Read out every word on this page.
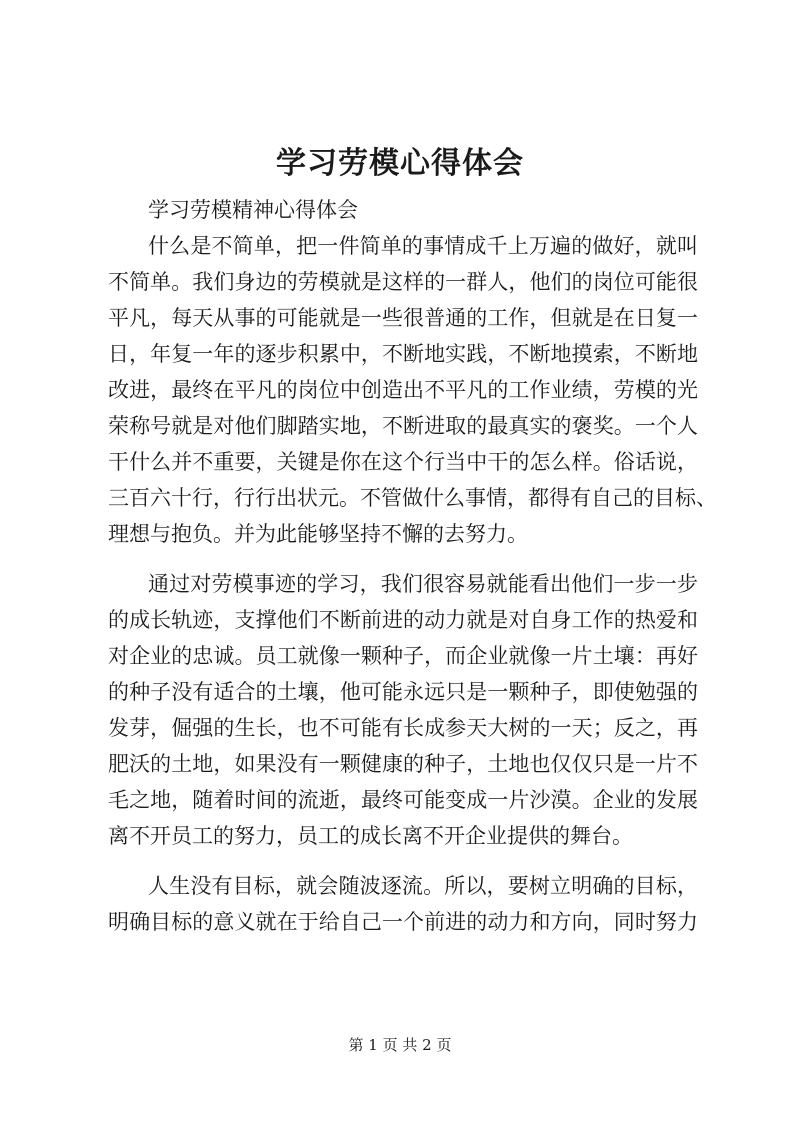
学习劳模心得体会

学习劳模精神心得体会

什么是不简单，把一件简单的事情成千上万遍的做好，就叫

不简单。我们身边的劳模就是这样的一群人，他们的岗位可能很

平凡，每天从事的可能就是一些很普通的工作，但就是在日复一

日，年复一年的逐步积累中，不断地实践，不断地摸索，不断地

改进，最终在平凡的岗位中创造出不平凡的工作业绩，劳模的光

荣称号就是对他们脚踏实地，不断进取的最真实的褒奖。一个人

干什么并不重要，关键是你在这个行当中干的怎么样。俗话说，

三百六十行，行行出状元。不管做什么事情，都得有自己的目标、

理想与抱负。并为此能够坚持不懈的去努力。

通过对劳模事迹的学习，我们很容易就能看出他们一步一步

的成长轨迹，支撑他们不断前进的动力就是对自身工作的热爱和

对企业的忠诚。员工就像一颗种子，而企业就像一片土壤：再好

的种子没有适合的土壤，他可能永远只是一颗种子，即使勉强的

发芽，倔强的生长，也不可能有长成参天大树的一天；反之，再

肥沃的土地，如果没有一颗健康的种子，土地也仅仅只是一片不

毛之地，随着时间的流逝，最终可能变成一片沙漠。企业的发展

离不开员工的努力，员工的成长离不开企业提供的舞台。

人生没有目标，就会随波逐流。所以，要树立明确的目标，

明确目标的意义就在于给自己一个前进的动力和方向，同时努力

第 1 页 共 2 页
